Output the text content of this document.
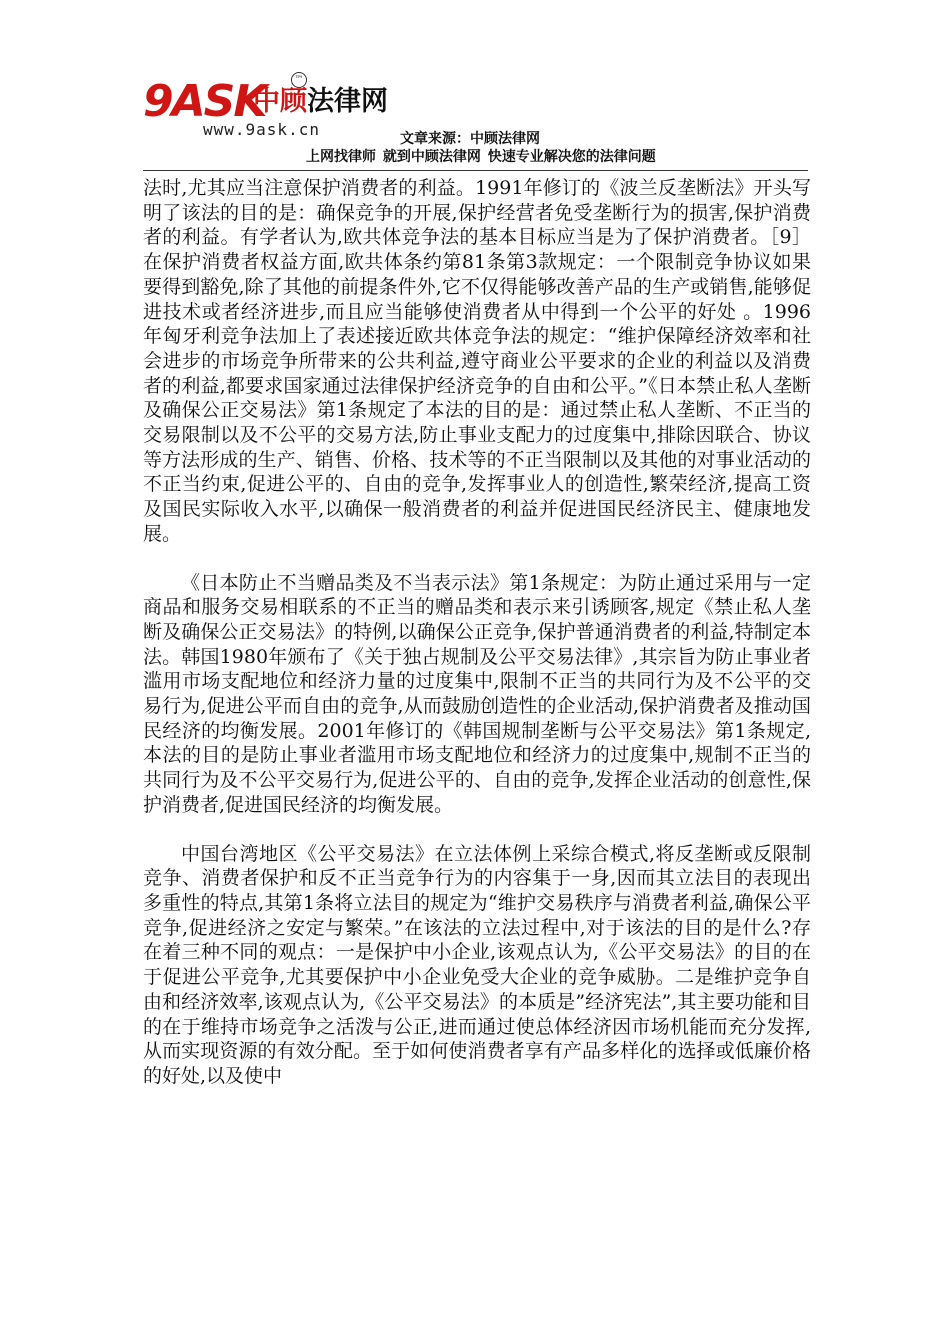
9ASK
中顾法律网
™
www.9ask.cn	文章来源：中顾法律网
上网找律师 就到中顾法律网 快速专业解决您的法律问题

法时,尤其应当注意保护消费者的利益。1991年修订的《波兰反垄断法》开头写明了该法的目的是：确保竞争的开展,保护经营者免受垄断行为的损害,保护消费者的利益。有学者认为,欧共体竞争法的基本目标应当是为了保护消费者。［9］在保护消费者权益方面,欧共体条约第81条第3款规定：一个限制竞争协议如果要得到豁免,除了其他的前提条件外,它不仅得能够改善产品的生产或销售,能够促进技术或者经济进步,而且应当能够使消费者从中得到一个公平的好处 。1996年匈牙利竞争法加上了表述接近欧共体竞争法的规定：“维护保障经济效率和社会进步的市场竞争所带来的公共利益,遵守商业公平要求的企业的利益以及消费者的利益,都要求国家通过法律保护经济竞争的自由和公平。”《日本禁止私人垄断及确保公正交易法》第1条规定了本法的目的是：通过禁止私人垄断、不正当的交易限制以及不公平的交易方法,防止事业支配力的过度集中,排除因联合、协议等方法形成的生产、销售、价格、技术等的不正当限制以及其他的对事业活动的不正当约束,促进公平的、自由的竞争,发挥事业人的创造性,繁荣经济,提高工资及国民实际收入水平,以确保一般消费者的利益并促进国民经济民主、健康地发展。

《日本防止不当赠品类及不当表示法》第1条规定：为防止通过采用与一定商品和服务交易相联系的不正当的赠品类和表示来引诱顾客,规定《禁止私人垄断及确保公正交易法》的特例,以确保公正竞争,保护普通消费者的利益,特制定本法。韩国1980年颁布了《关于独占规制及公平交易法律》,其宗旨为防止事业者滥用市场支配地位和经济力量的过度集中,限制不正当的共同行为及不公平的交易行为,促进公平而自由的竞争,从而鼓励创造性的企业活动,保护消费者及推动国民经济的均衡发展。2001年修订的《韩国规制垄断与公平交易法》第1条规定,本法的目的是防止事业者滥用市场支配地位和经济力的过度集中,规制不正当的共同行为及不公平交易行为,促进公平的、自由的竞争,发挥企业活动的创意性,保护消费者,促进国民经济的均衡发展。

中国台湾地区《公平交易法》在立法体例上采综合模式,将反垄断或反限制竞争、消费者保护和反不正当竞争行为的内容集于一身,因而其立法目的表现出多重性的特点,其第1条将立法目的规定为“维护交易秩序与消费者利益,确保公平竞争,促进经济之安定与繁荣。”在该法的立法过程中,对于该法的目的是什么?存在着三种不同的观点：一是保护中小企业,该观点认为,《公平交易法》的目的在于促进公平竞争,尤其要保护中小企业免受大企业的竞争威胁。二是维护竞争自由和经济效率,该观点认为,《公平交易法》的本质是”经济宪法”,其主要功能和目的在于维持市场竞争之活泼与公正,进而通过使总体经济因市场机能而充分发挥,从而实现资源的有效分配。至于如何使消费者享有产品多样化的选择或低廉价格的好处,以及使中
